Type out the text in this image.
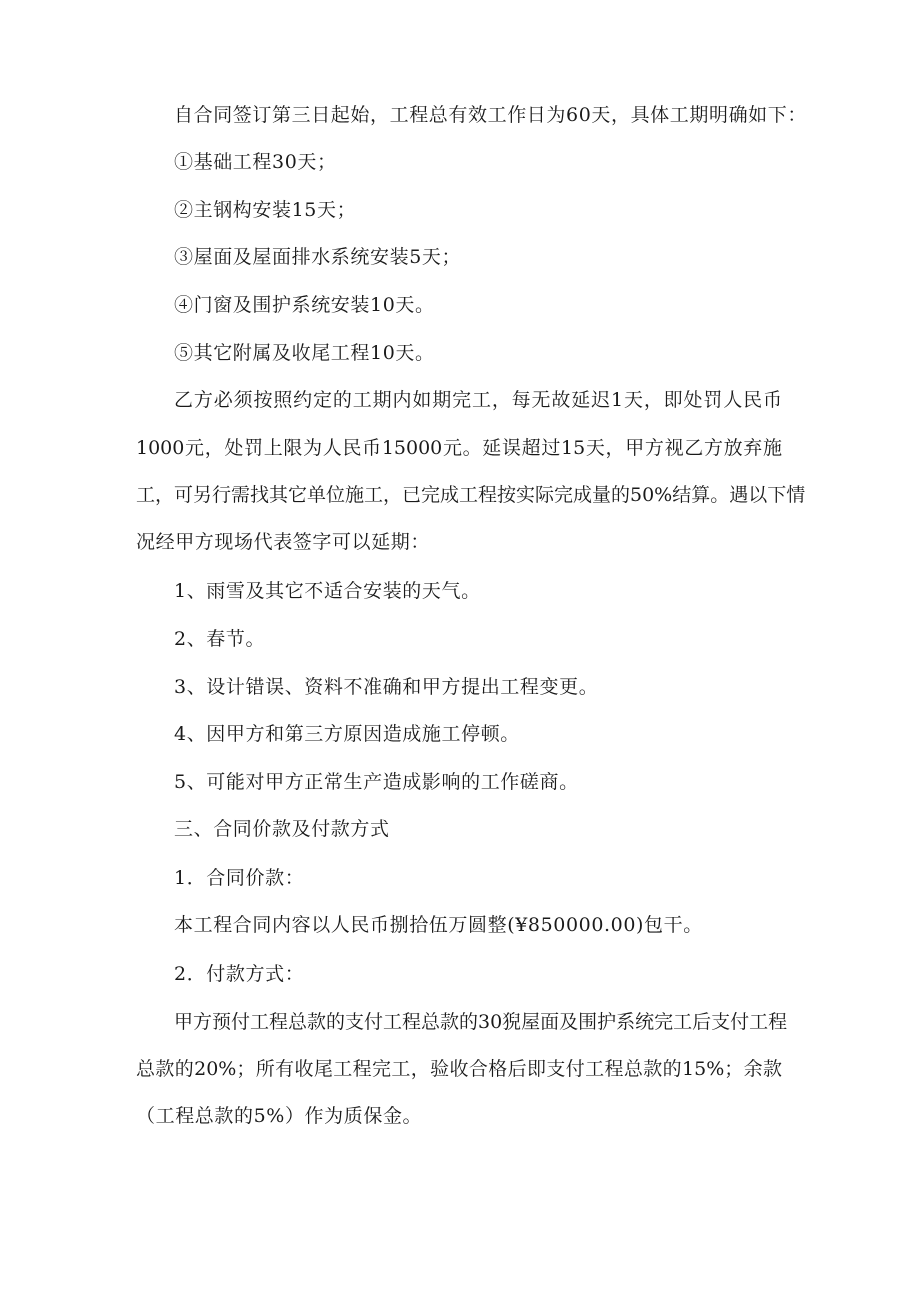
自合同签订第三日起始，工程总有效工作日为60天，具体工期明确如下：
①基础工程30天；
②主钢构安装15天；
③屋面及屋面排水系统安装5天；
④门窗及围护系统安装10天。
⑤其它附属及收尾工程10天。
乙方必须按照约定的工期内如期完工，每无故延迟1天，即处罚人民币
1000元，处罚上限为人民币15000元。延误超过15天，甲方视乙方放弃施
工，可另行需找其它单位施工，已完成工程按实际完成量的50%结算。遇以下情
况经甲方现场代表签字可以延期：
1、雨雪及其它不适合安装的天气。
2、春节。
3、设计错误、资料不准确和甲方提出工程变更。
4、因甲方和第三方原因造成施工停顿。
5、可能对甲方正常生产造成影响的工作磋商。
三、合同价款及付款方式
1．合同价款：
本工程合同内容以人民币捌拾伍万圆整(¥850000.00)包干。
2．付款方式：
甲方预付工程总款的支付工程总款的30猊屋面及围护系统完工后支付工程
总款的20%；所有收尾工程完工，验收合格后即支付工程总款的15%；余款
（工程总款的5%）作为质保金。
